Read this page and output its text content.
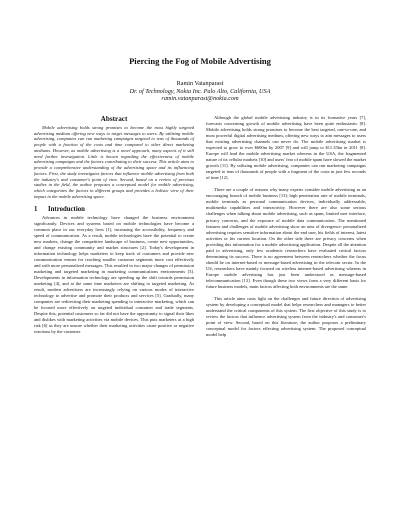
Piercing the Fog of Mobile Advertising
Ramin Vatanparast
Dr. of Technology, Nokia Inc. Palo Alto, California, USA
ramin.vatanparast@nokia.com
Abstract

Mobile advertising holds strong promises to become the most highly targeted advertising medium offering new ways to target messages to users. By utilizing mobile advertising, companies can run marketing campaigns targeted to tens of thousands of people with a fraction of the costs and time compared to other direct marketing mediums. However, as mobile advertising is a novel approach, many aspects of it still need further investigation. Little is known regarding the effectiveness of mobile advertising campaigns and the factors contributing to their success. This article aims to provide a comprehensive understanding of the advertising space and its influencing factors. First, the study investigates factors that influence mobile advertising from both the industry's and consumer's point of view. Second, based on a review of previous studies in the field, the author proposes a conceptual model for mobile advertising, which categorizes the factors in different groups and provides a holistic view of their impact in the mobile advertising space.

1	Introduction

Advances in mobile technology have changed the business environment significantly. Devices and systems based on mobile technologies have become a common place in our everyday lives [1], increasing the accessibility, frequency and speed of communication. As a result, mobile technologies have the potential to create new markets, change the competitive landscape of business, create new opportunities, and change existing community and market structures [2]. Today's development in information technology helps marketers to keep track of customers and provide new communication venues for reaching smaller customer segments more cost effectively and with more personalized messages. This resulted in two major changes of permission marketing and targeted marketing in marketing communications environments [3]. Developments in information technology are speeding up the shift towards permission marketing [4], and at the same time marketers are shifting to targeted marketing. As result, modern advertisers are increasingly relying on various modes of interactive technology to advertise and promote their products and services [5]. Gradually, many companies are redirecting their marketing spending to interactive marketing, which can be focused more effectively on targeted individual consumer and trade segments. Despite this, potential customers so far did not have the opportunity to signal their likes and dislikes with marketing activities via mobile devices. This puts marketers at a high risk [6] as they are unsure whether their marketing activities cause positive or negative reactions by the customer.

Although the global mobile advertising industry is in its formative years [7], forecasts concerning growth of mobile advertising have been quite enthusiastic [8]. Mobile advertising holds strong promises to become the best targeted, one-to-one, and most powerful digital advertising medium, offering new ways to aim messages to users that existing advertising channels can never do. The mobile advertising market is expected to grow to over $600m by 2007 [9] and will jump to $11.35bn in 2011 [8]. Europe will lead the mobile advertising market whereas in the USA, the fragmented nature of its cellular markets [10] and users' fear of mobile spam have slowed the market growth [11]. By utilizing mobile advertising, companies can run marketing campaigns targeted to tens of thousands of people with a fragment of the costs in just few seconds of time [12].

There are a couple of reasons why many experts consider mobile advertising as an encouraging branch of mobile business [13]: high penetration rate of mobile terminals, mobile terminals as personal communication devices, individually addressable, multimedia capabilities and interactivity. However there are also some serious challenges when talking about mobile advertising, such as spam, limited user interface, privacy concerns, and the exposure of mobile data communication. The mentioned features and challenges of mobile advertising show an area of divergence: personalized advertising requires sensitive information about the end user, his fields of interest, latest activities or his current location. On the other side there are privacy concerns when providing this information for a mobile advertising application. Despite all the attention paid to advertising, only few academic researchers have evaluated critical factors determining its success. There is no agreement between researchers whether the focus should be on internet-based or message-based advertising in the telecom sector. In the US, researchers have mainly focused on wireless internet-based advertising whereas in Europe mobile advertising has just been understood as message-based telecommunication [13]. Even though these two views form a very different basis for future business models, main factors affecting both environments are the same.

This article aims casts light on the challenges and future direction of advertising system by developing a conceptual model that helps researchers and managers to better understand the critical components of this system. The first objective of this study is to review the factors that influence advertising system from the industry's and consumer's point of view. Second, based on this literature, the author proposes a preliminary conceptual model for factors effecting advertising system. The proposed conceptual model help
